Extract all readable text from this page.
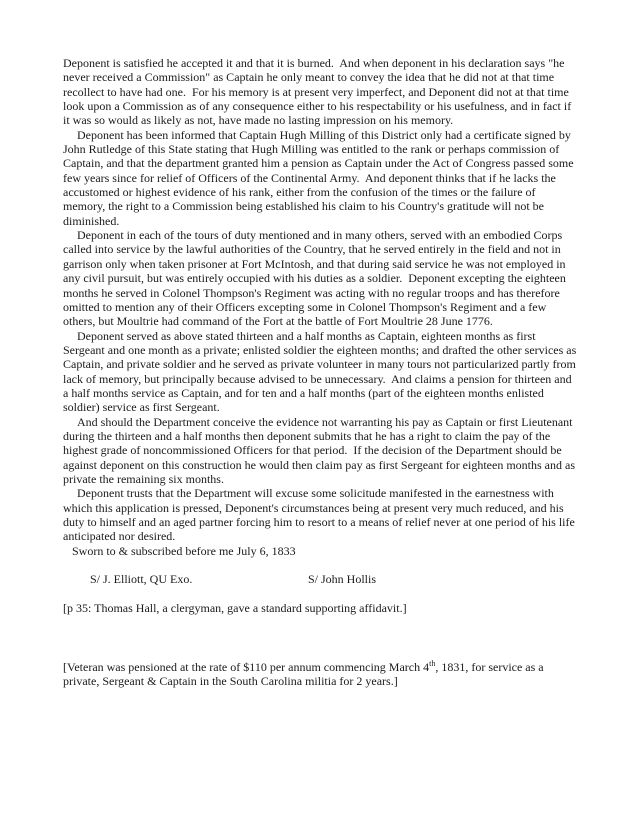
Deponent is satisfied he accepted it and that it is burned.  And when deponent in his declaration says "he never received a Commission" as Captain he only meant to convey the idea that he did not at that time recollect to have had one.  For his memory is at present very imperfect, and Deponent did not at that time look upon a Commission as of any consequence either to his respectability or his usefulness, and in fact if it was so would as likely as not, have made no lasting impression on his memory.

Deponent has been informed that Captain Hugh Milling of this District only had a certificate signed by John Rutledge of this State stating that Hugh Milling was entitled to the rank or perhaps commission of Captain, and that the department granted him a pension as Captain under the Act of Congress passed some few years since for relief of Officers of the Continental Army.  And deponent thinks that if he lacks the accustomed or highest evidence of his rank, either from the confusion of the times or the failure of memory, the right to a Commission being established his claim to his Country's gratitude will not be diminished.

Deponent in each of the tours of duty mentioned and in many others, served with an embodied Corps called into service by the lawful authorities of the Country, that he served entirely in the field and not in garrison only when taken prisoner at Fort McIntosh, and that during said service he was not employed in any civil pursuit, but was entirely occupied with his duties as a soldier.  Deponent excepting the eighteen months he served in Colonel Thompson's Regiment was acting with no regular troops and has therefore omitted to mention any of their Officers excepting some in Colonel Thompson's Regiment and a few others, but Moultrie had command of the Fort at the battle of Fort Moultrie 28 June 1776.

Deponent served as above stated thirteen and a half months as Captain, eighteen months as first Sergeant and one month as a private; enlisted soldier the eighteen months; and drafted the other services as Captain, and private soldier and he served as private volunteer in many tours not particularized partly from lack of memory, but principally because advised to be unnecessary.  And claims a pension for thirteen and a half months service as Captain, and for ten and a half months (part of the eighteen months enlisted soldier) service as first Sergeant.

And should the Department conceive the evidence not warranting his pay as Captain or first Lieutenant during the thirteen and a half months then deponent submits that he has a right to claim the pay of the highest grade of noncommissioned Officers for that period.  If the decision of the Department should be against deponent on this construction he would then claim pay as first Sergeant for eighteen months and as private the remaining six months.

Deponent trusts that the Department will excuse some solicitude manifested in the earnestness with which this application is pressed, Deponent's circumstances being at present very much reduced, and his duty to himself and an aged partner forcing him to resort to a means of relief never at one period of his life anticipated nor desired.

Sworn to & subscribed before me July 6, 1833

S/ J. Elliott, QU Exo.	S/ John Hollis

[p 35: Thomas Hall, a clergyman, gave a standard supporting affidavit.]
[Veteran was pensioned at the rate of $110 per annum commencing March 4th, 1831, for service as a private, Sergeant & Captain in the South Carolina militia for 2 years.]
